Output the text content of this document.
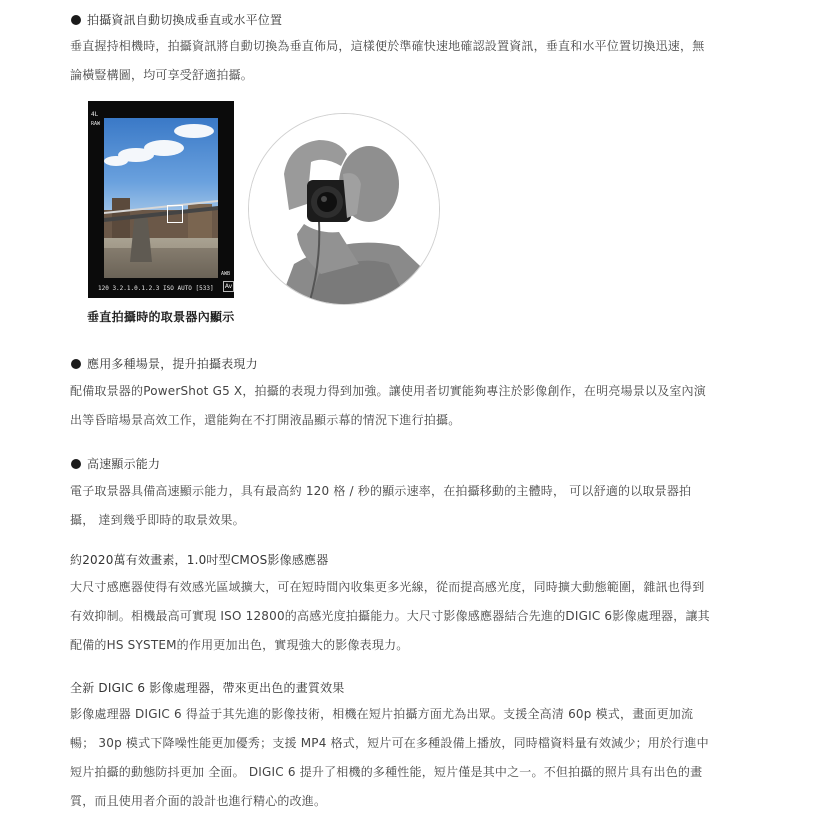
拍攝資訊自動切換成垂直或水平位置
垂直握持相機時，拍攝資訊將自動切換為垂直佈局，這樣便於準確快速地確認設置資訊，垂直和水平位置切換迅速，無
論橫豎構圖，均可享受舒適拍攝。
4L
RAW
AWB
120 3.2.1.0.1.2.3 ISO AUTO [533]	Av
垂直拍攝時的取景器內顯示
應用多種場景，提升拍攝表現力
配備取景器的PowerShot G5 X，拍攝的表現力得到加強。讓使用者切實能夠專注於影像創作，在明亮場景以及室內演
出等昏暗場景高效工作，還能夠在不打開液晶顯示幕的情況下進行拍攝。
高速顯示能力
電子取景器具備高速顯示能力，具有最高約 120 格 / 秒的顯示速率，在拍攝移動的主體時， 可以舒適的以取景器拍
攝， 達到幾乎即時的取景效果。
約2020萬有效畫素，1.0吋型CMOS影像感應器
大尺寸感應器使得有效感光區域擴大，可在短時間內收集更多光線，從而提高感光度，同時擴大動態範圍，雜訊也得到
有效抑制。相機最高可實現 ISO 12800的高感光度拍攝能力。大尺寸影像感應器結合先進的DIGIC 6影像處理器，讓其
配備的HS SYSTEM的作用更加出色，實現強大的影像表現力。
全新 DIGIC 6 影像處理器，帶來更出色的畫質效果
影像處理器 DIGIC 6 得益于其先進的影像技術，相機在短片拍攝方面尤為出眾。支援全高清 60p 模式，畫面更加流
暢； 30p 模式下降噪性能更加優秀；支援 MP4 格式，短片可在多種設備上播放，同時檔資料量有效減少；用於行進中
短片拍攝的動態防抖更加 全面。 DIGIC 6 提升了相機的多種性能，短片僅是其中之一。不但拍攝的照片具有出色的畫
質，而且使用者介面的設計也進行精心的改進。
